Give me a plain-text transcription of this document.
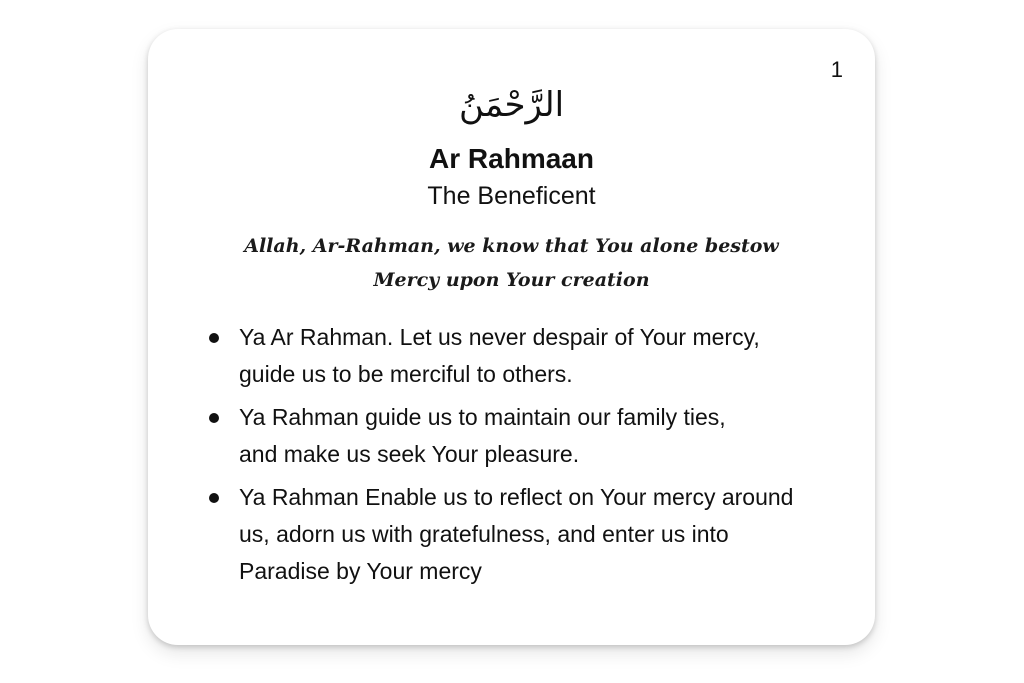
1
الرَّحْمَنُ
Ar Rahmaan
The Beneficent
Allah, Ar-Rahman, we know that You alone bestow
Mercy upon Your creation
Ya Ar Rahman. Let us never despair of Your mercy,
guide us to be merciful to others.
Ya Rahman guide us to maintain our family ties,
and make us seek Your pleasure.
Ya Rahman Enable us to reflect on Your mercy around
us, adorn us with gratefulness, and enter us into
Paradise by Your mercy
